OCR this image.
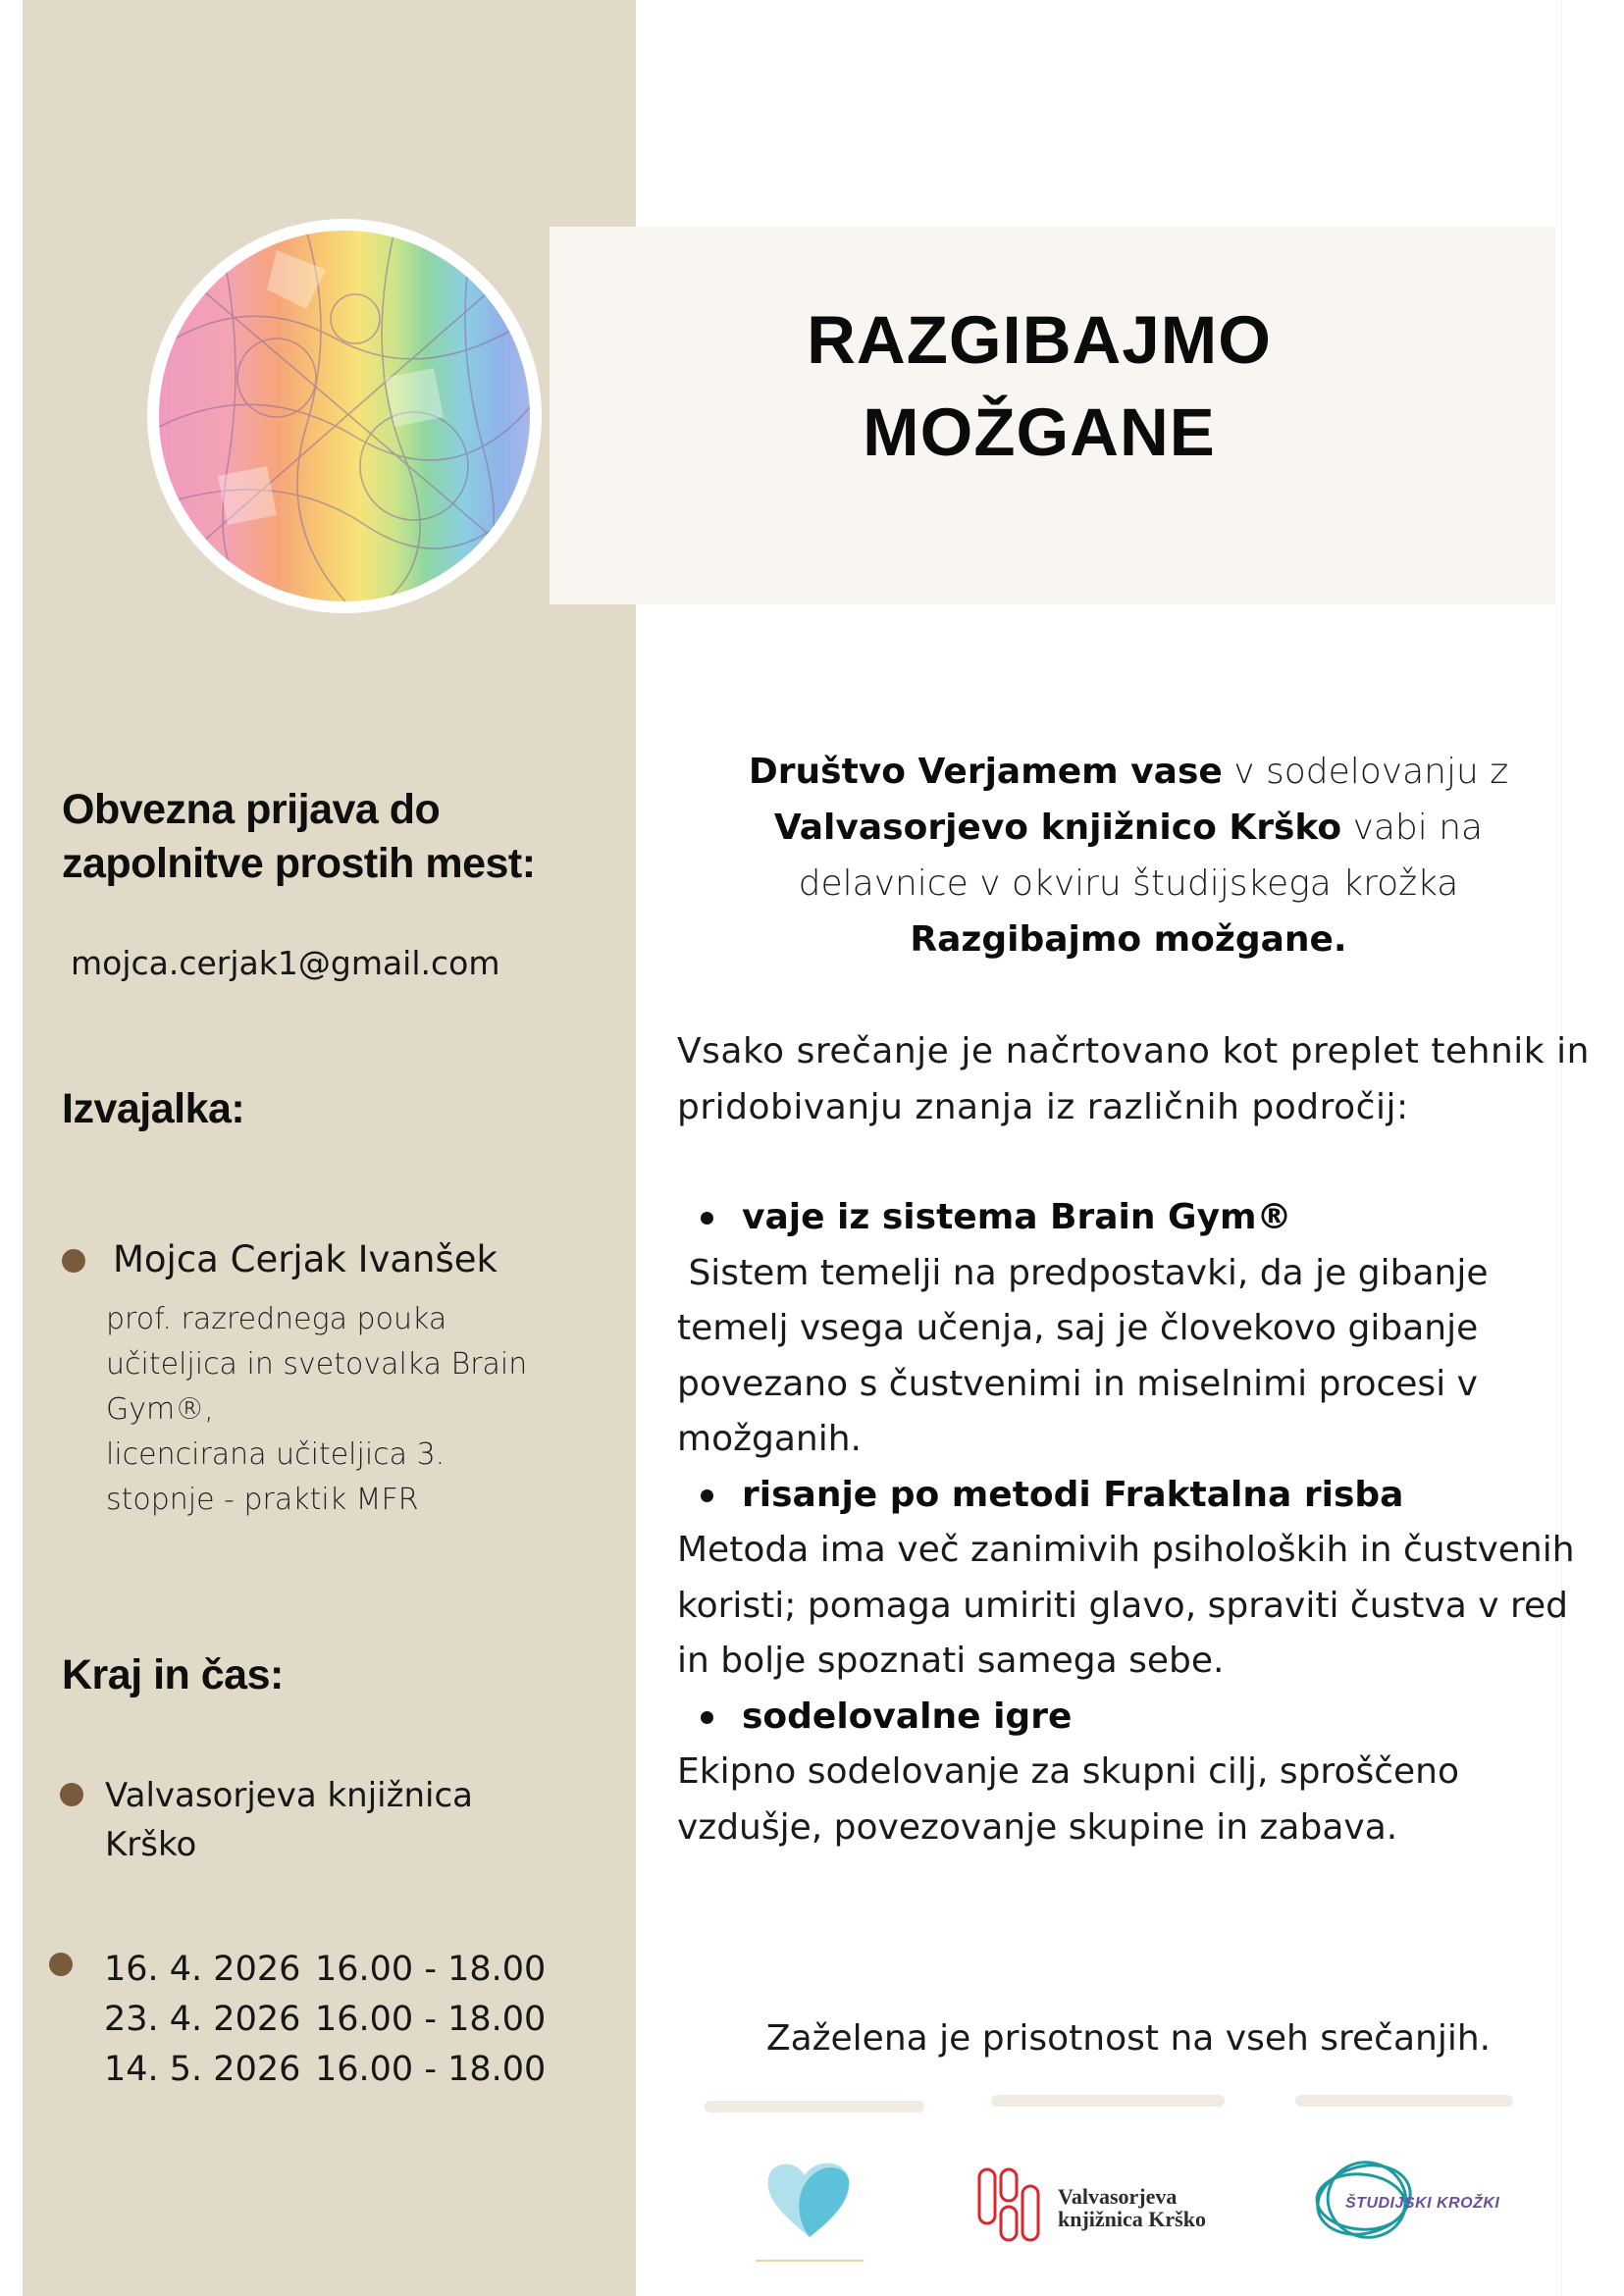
RAZGIBAJMO
MOŽGANE
Obvezna prijava do
zapolnitve prostih mest:
mojca.cerjak1@gmail.com
Izvajalka:
Mojca Cerjak Ivanšek
prof. razrednega pouka
učiteljica in svetovalka Brain
Gym®,
licencirana učiteljica 3.
stopnje - praktik MFR
Kraj in čas:
Valvasorjeva knjižnica
Krško
16. 4. 2026 16.00 - 18.00
23. 4. 2026 16.00 - 18.00
14. 5. 2026 16.00 - 18.00
Društvo Verjamem vase v sodelovanju z
Valvasorjevo knjižnico Krško vabi na
delavnice v okviru študijskega krožka
Razgibajmo možgane.
Vsako srečanje je načrtovano kot preplet tehnik in pridobivanju znanja iz različnih področij:
vaje iz sistema Brain Gym®
Sistem temelji na predpostavki, da je gibanje temelj vsega učenja, saj je človekovo gibanje povezano s čustvenimi in miselnimi procesi v možganih.
risanje po metodi Fraktalna risba
Metoda ima več zanimivih psiholoških in čustvenih koristi; pomaga umiriti glavo, spraviti čustva v red in bolje spoznati samega sebe.
sodelovalne igre
Ekipno sodelovanje za skupni cilj, sproščeno vzdušje, povezovanje skupine in zabava.
Zaželena je prisotnost na vseh srečanjih.
Valvasorjeva
knjižnica Krško
ŠTUDIJSKI KROŽKI
